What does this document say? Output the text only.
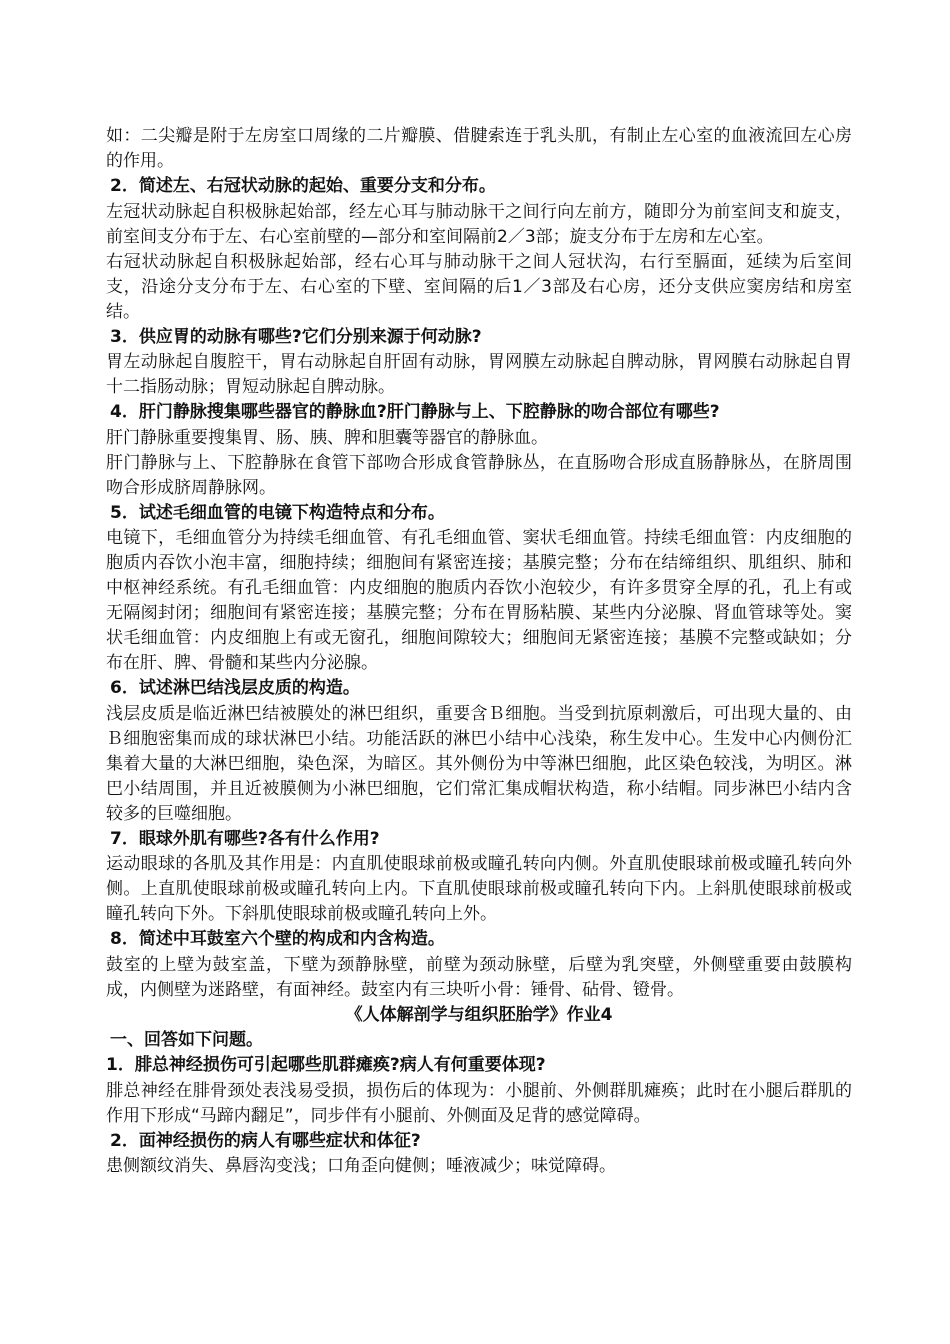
如：二尖瓣是附于左房室口周缘的二片瓣膜、借腱索连于乳头肌，有制止左心室的血液流回左心房的作用。

2．简述左、右冠状动脉的起始、重要分支和分布。

左冠状动脉起自积极脉起始部，经左心耳与肺动脉干之间行向左前方，随即分为前室间支和旋支，前室间支分布于左、右心室前壁的—部分和室间隔前2／3部；旋支分布于左房和左心室。

右冠状动脉起自积极脉起始部，经右心耳与肺动脉干之间人冠状沟，右行至膈面，延续为后室间支，沿途分支分布于左、右心室的下壁、室间隔的后1／3部及右心房，还分支供应窦房结和房室结。

3．供应胃的动脉有哪些?它们分别来源于何动脉?

胃左动脉起自腹腔干，胃右动脉起自肝固有动脉，胃网膜左动脉起自脾动脉，胃网膜右动脉起自胃十二指肠动脉；胃短动脉起自脾动脉。

4．肝门静脉搜集哪些器官的静脉血?肝门静脉与上、下腔静脉的吻合部位有哪些?

肝门静脉重要搜集胃、肠、胰、脾和胆囊等器官的静脉血。

肝门静脉与上、下腔静脉在食管下部吻合形成食管静脉丛，在直肠吻合形成直肠静脉丛，在脐周围吻合形成脐周静脉网。

5．试述毛细血管的电镜下构造特点和分布。

电镜下，毛细血管分为持续毛细血管、有孔毛细血管、窦状毛细血管。持续毛细血管：内皮细胞的胞质内吞饮小泡丰富，细胞持续；细胞间有紧密连接；基膜完整；分布在结缔组织、肌组织、肺和中枢神经系统。有孔毛细血管：内皮细胞的胞质内吞饮小泡较少，有许多贯穿全厚的孔，孔上有或无隔阂封闭；细胞间有紧密连接；基膜完整；分布在胃肠粘膜、某些内分泌腺、肾血管球等处。窦状毛细血管：内皮细胞上有或无窗孔，细胞间隙较大；细胞间无紧密连接；基膜不完整或缺如；分布在肝、脾、骨髓和某些内分泌腺。

6．试述淋巴结浅层皮质的构造。

浅层皮质是临近淋巴结被膜处的淋巴组织，重要含Ｂ细胞。当受到抗原刺激后，可出现大量的、由Ｂ细胞密集而成的球状淋巴小结。功能活跃的淋巴小结中心浅染，称生发中心。生发中心内侧份汇集着大量的大淋巴细胞，染色深，为暗区。其外侧份为中等淋巴细胞，此区染色较浅，为明区。淋巴小结周围，并且近被膜侧为小淋巴细胞，它们常汇集成帽状构造，称小结帽。同步淋巴小结内含较多的巨噬细胞。

7．眼球外肌有哪些?各有什么作用?

运动眼球的各肌及其作用是：内直肌使眼球前极或瞳孔转向内侧。外直肌使眼球前极或瞳孔转向外侧。上直肌使眼球前极或瞳孔转向上内。下直肌使眼球前极或瞳孔转向下内。上斜肌使眼球前极或瞳孔转向下外。下斜肌使眼球前极或瞳孔转向上外。

8．简述中耳鼓室六个壁的构成和内含构造。

鼓室的上壁为鼓室盖，下壁为颈静脉壁，前壁为颈动脉壁，后壁为乳突壁，外侧壁重要由鼓膜构成，内侧壁为迷路壁，有面神经。鼓室内有三块听小骨：锤骨、砧骨、镫骨。

《人体解剖学与组织胚胎学》作业4

一、回答如下问题。

1．腓总神经损伤可引起哪些肌群瘫痪?病人有何重要体现?

腓总神经在腓骨颈处表浅易受损，损伤后的体现为：小腿前、外侧群肌瘫痪；此时在小腿后群肌的作用下形成“马蹄内翻足”，同步伴有小腿前、外侧面及足背的感觉障碍。

2．面神经损伤的病人有哪些症状和体征?

患侧额纹消失、鼻唇沟变浅；口角歪向健侧；唾液减少；味觉障碍。
